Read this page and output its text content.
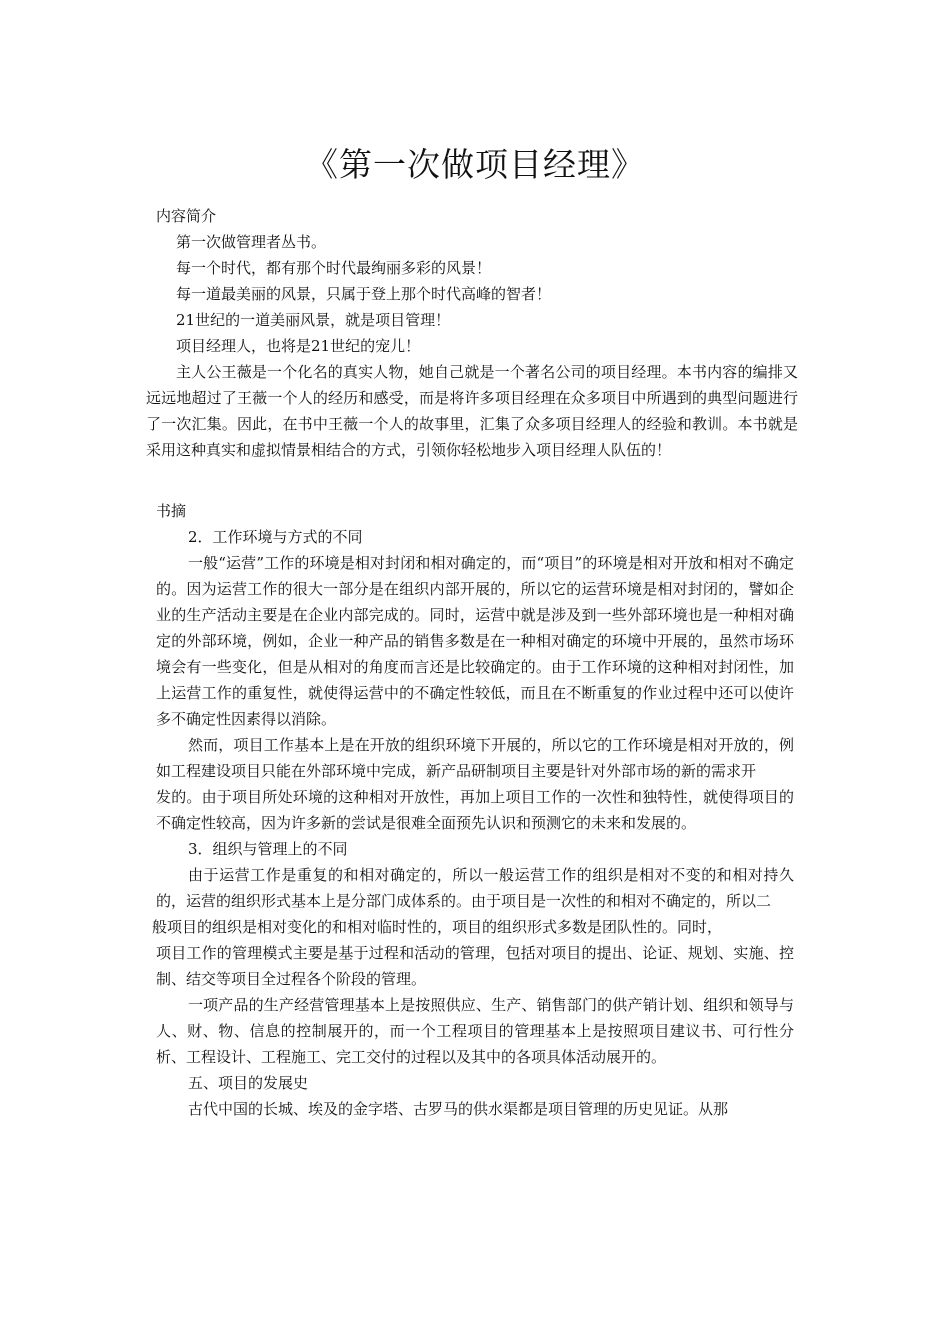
《第一次做项目经理》

内容简介

第一次做管理者丛书。

每一个时代，都有那个时代最绚丽多彩的风景！

每一道最美丽的风景，只属于登上那个时代高峰的智者！

21世纪的一道美丽风景，就是项目管理！

项目经理人，也将是21世纪的宠儿！

主人公王薇是一个化名的真实人物，她自己就是一个著名公司的项目经理。本书内容的编排又远远地超过了王薇一个人的经历和感受，而是将许多项目经理在众多项目中所遇到的典型问题进行了一次汇集。因此，在书中王薇一个人的故事里，汇集了众多项目经理人的经验和教训。本书就是采用这种真实和虚拟情景相结合的方式，引领你轻松地步入项目经理人队伍的！

书摘

2．工作环境与方式的不同

一般“运营”工作的环境是相对封闭和相对确定的，而“项目”的环境是相对开放和相对不确定的。因为运营工作的很大一部分是在组织内部开展的，所以它的运营环境是相对封闭的，譬如企业的生产活动主要是在企业内部完成的。同时，运营中就是涉及到一些外部环境也是一种相对确定的外部环境，例如，企业一种产品的销售多数是在一种相对确定的环境中开展的，虽然市场环境会有一些变化，但是从相对的角度而言还是比较确定的。由于工作环境的这种相对封闭性，加上运营工作的重复性，就使得运营中的不确定性较低，而且在不断重复的作业过程中还可以使许多不确定性因素得以消除。

然而，项目工作基本上是在开放的组织环境下开展的，所以它的工作环境是相对开放的，例如工程建设项目只能在外部环境中完成，新产品研制项目主要是针对外部市场的新的需求开

发的。由于项目所处环境的这种相对开放性，再加上项目工作的一次性和独特性，就使得项目的不确定性较高，因为许多新的尝试是很难全面预先认识和预测它的未来和发展的。

3．组织与管理上的不同

由于运营工作是重复的和相对确定的，所以一般运营工作的组织是相对不变的和相对持久的，运营的组织形式基本上是分部门成体系的。由于项目是一次性的和相对不确定的，所以二

般项目的组织是相对变化的和相对临时性的，项目的组织形式多数是团队性的。同时，

项目工作的管理模式主要是基于过程和活动的管理，包括对项目的提出、论证、规划、实施、控制、结交等项目全过程各个阶段的管理。

一项产品的生产经营管理基本上是按照供应、生产、销售部门的供产销计划、组织和领导与人、财、物、信息的控制展开的，而一个工程项目的管理基本上是按照项目建议书、可行性分析、工程设计、工程施工、完工交付的过程以及其中的各项具体活动展开的。

五、项目的发展史

古代中国的长城、埃及的金字塔、古罗马的供水渠都是项目管理的历史见证。从那
